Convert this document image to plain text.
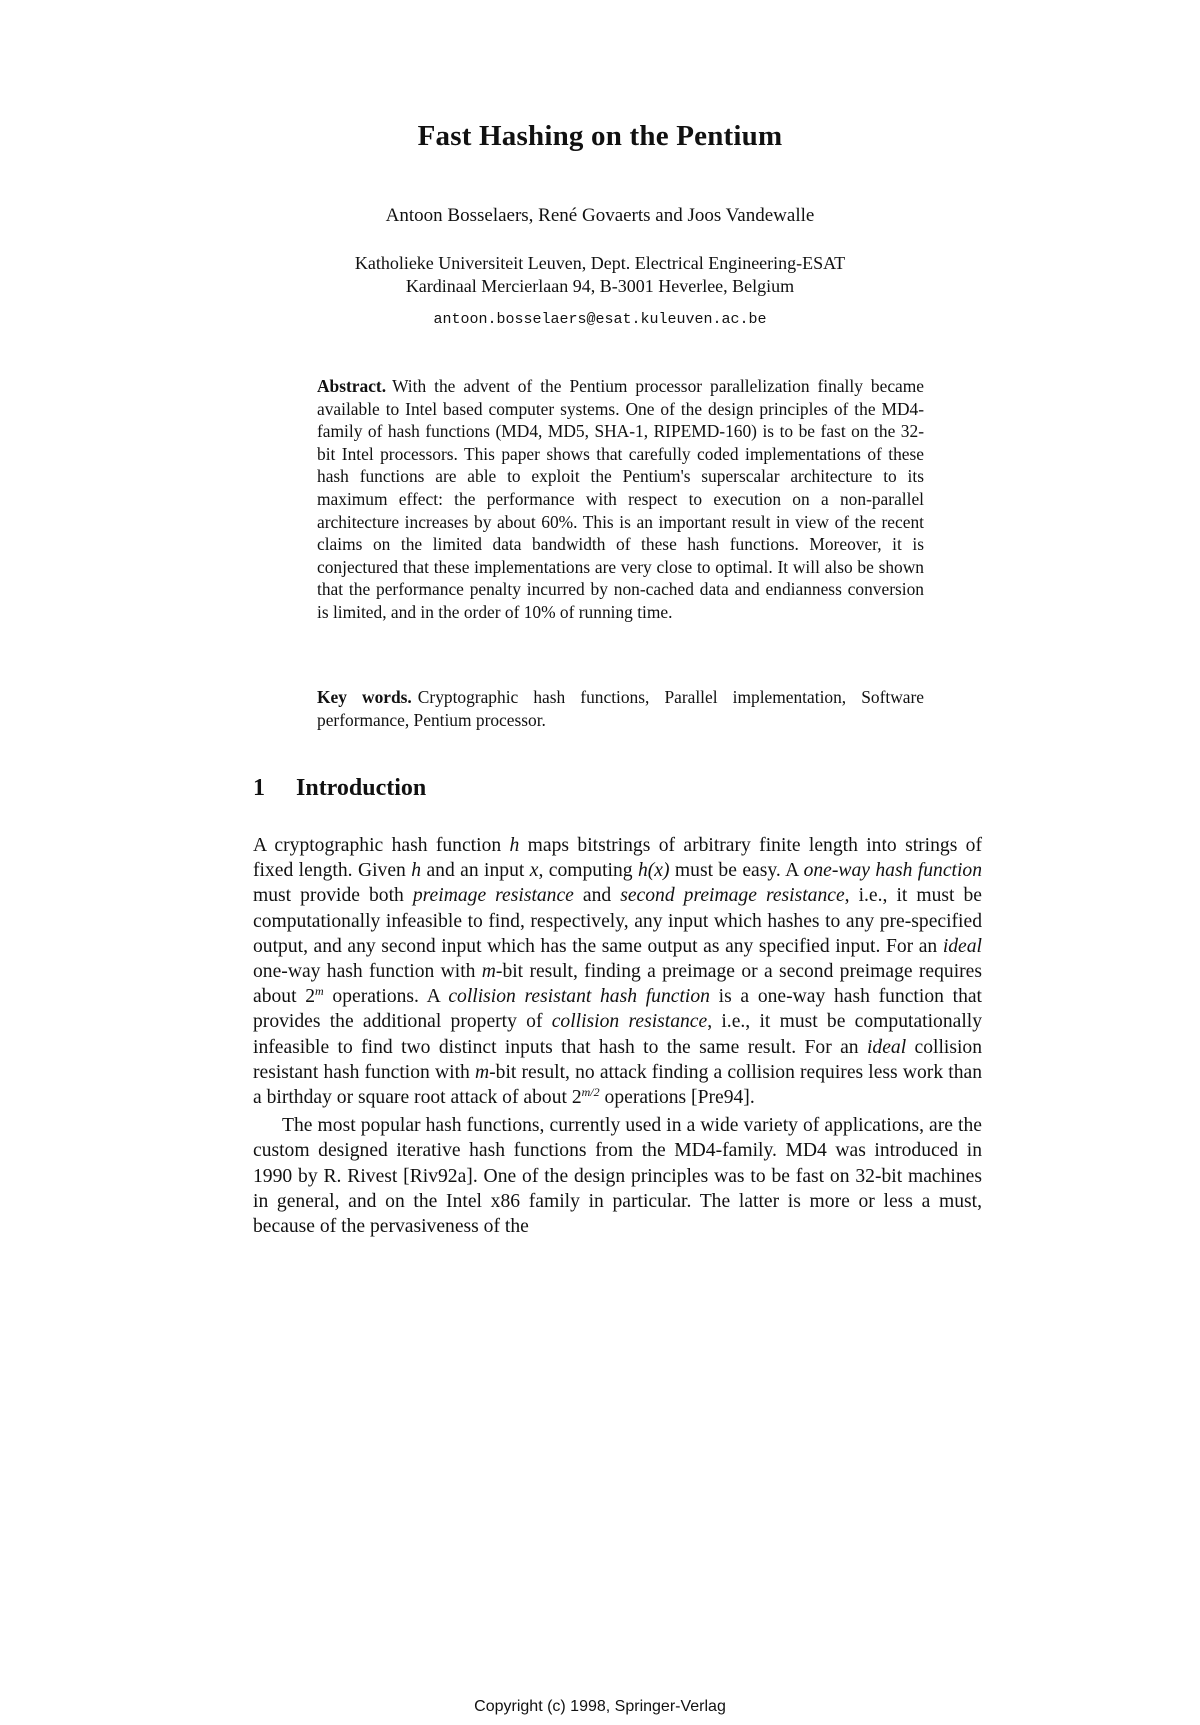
Fast Hashing on the Pentium
Antoon Bosselaers, René Govaerts and Joos Vandewalle
Katholieke Universiteit Leuven, Dept. Electrical Engineering-ESAT
Kardinaal Mercierlaan 94, B-3001 Heverlee, Belgium
antoon.bosselaers@esat.kuleuven.ac.be
Abstract. With the advent of the Pentium processor parallelization finally became available to Intel based computer systems. One of the design principles of the MD4-family of hash functions (MD4, MD5, SHA-1, RIPEMD-160) is to be fast on the 32-bit Intel processors. This paper shows that carefully coded implementations of these hash functions are able to exploit the Pentium's superscalar architecture to its maximum effect: the performance with respect to execution on a non-parallel architecture increases by about 60%. This is an important result in view of the recent claims on the limited data bandwidth of these hash functions. Moreover, it is conjectured that these implementations are very close to optimal. It will also be shown that the performance penalty incurred by non-cached data and endianness conversion is limited, and in the order of 10% of running time.
Key words. Cryptographic hash functions, Parallel implementation, Software performance, Pentium processor.
1 Introduction

A cryptographic hash function h maps bitstrings of arbitrary finite length into strings of fixed length. Given h and an input x, computing h(x) must be easy. A one-way hash function must provide both preimage resistance and second preimage resistance, i.e., it must be computationally infeasible to find, respectively, any input which hashes to any pre-specified output, and any second input which has the same output as any specified input. For an ideal one-way hash function with m-bit result, finding a preimage or a second preimage requires about 2$^m$ operations. A collision resistant hash function is a one-way hash function that provides the additional property of collision resistance, i.e., it must be computationally infeasible to find two distinct inputs that hash to the same result. For an ideal collision resistant hash function with m-bit result, no attack finding a collision requires less work than a birthday or square root attack of about $2^{m/2}$ operations [Pre94].

The most popular hash functions, currently used in a wide variety of applications, are the custom designed iterative hash functions from the MD4-family. MD4 was introduced in 1990 by R. Rivest [Riv92a]. One of the design principles was to be fast on 32-bit machines in general, and on the Intel x86 family in particular. The latter is more or less a must, because of the pervasiveness of the

Copyright (c) 1998, Springer-Verlag
